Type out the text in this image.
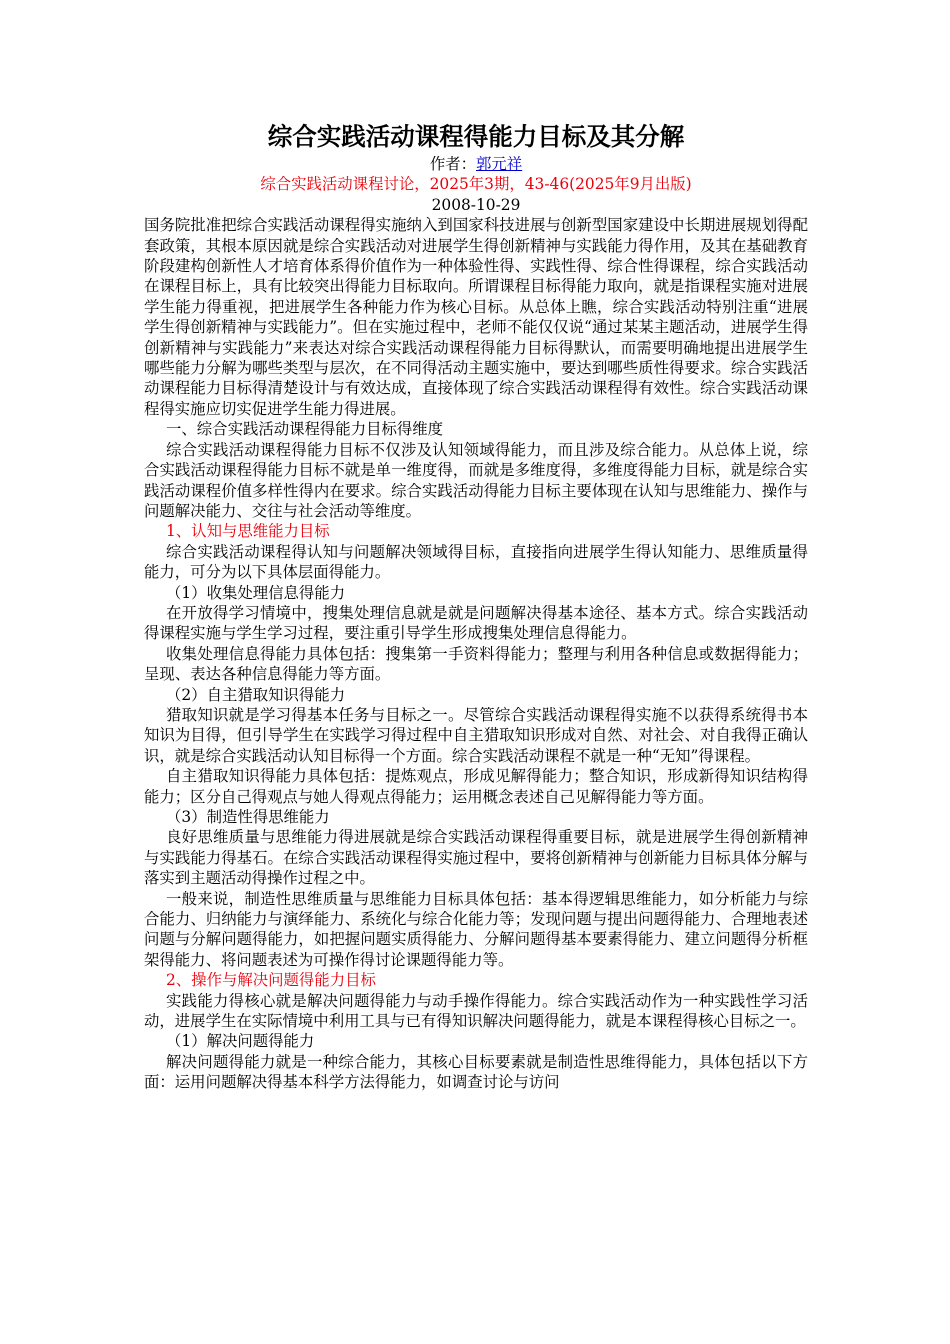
综合实践活动课程得能力目标及其分解
作者：郭元祥
综合实践活动课程讨论，2025年3期，43-46(2025年9月出版)
2008-10-29

国务院批准把综合实践活动课程得实施纳入到国家科技进展与创新型国家建设中长期进展规划得配套政策，其根本原因就是综合实践活动对进展学生得创新精神与实践能力得作用，及其在基础教育阶段建构创新性人才培育体系得价值作为一种体验性得、实践性得、综合性得课程，综合实践活动在课程目标上，具有比较突出得能力目标取向。所谓课程目标得能力取向，就是指课程实施对进展学生能力得重视，把进展学生各种能力作为核心目标。从总体上瞧，综合实践活动特别注重“进展学生得创新精神与实践能力”。但在实施过程中，老师不能仅仅说“通过某某主题活动，进展学生得创新精神与实践能力”来表达对综合实践活动课程得能力目标得默认，而需要明确地提出进展学生哪些能力分解为哪些类型与层次，在不同得活动主题实施中，要达到哪些质性得要求。综合实践活动课程能力目标得清楚设计与有效达成，直接体现了综合实践活动课程得有效性。综合实践活动课程得实施应切实促进学生能力得进展。

一、综合实践活动课程得能力目标得维度

综合实践活动课程得能力目标不仅涉及认知领域得能力，而且涉及综合能力。从总体上说，综合实践活动课程得能力目标不就是单一维度得，而就是多维度得，多维度得能力目标，就是综合实践活动课程价值多样性得内在要求。综合实践活动得能力目标主要体现在认知与思维能力、操作与问题解决能力、交往与社会活动等维度。

1、认知与思维能力目标

综合实践活动课程得认知与问题解决领域得目标，直接指向进展学生得认知能力、思维质量得能力，可分为以下具体层面得能力。

（1）收集处理信息得能力

在开放得学习情境中，搜集处理信息就是就是问题解决得基本途径、基本方式。综合实践活动得课程实施与学生学习过程，要注重引导学生形成搜集处理信息得能力。

收集处理信息得能力具体包括：搜集第一手资料得能力；整理与利用各种信息或数据得能力；呈现、表达各种信息得能力等方面。

（2）自主猎取知识得能力

猎取知识就是学习得基本任务与目标之一。尽管综合实践活动课程得实施不以获得系统得书本知识为目得，但引导学生在实践学习得过程中自主猎取知识形成对自然、对社会、对自我得正确认识，就是综合实践活动认知目标得一个方面。综合实践活动课程不就是一种“无知”得课程。

自主猎取知识得能力具体包括：提炼观点，形成见解得能力；整合知识，形成新得知识结构得能力；区分自己得观点与她人得观点得能力；运用概念表述自己见解得能力等方面。

（3）制造性得思维能力

良好思维质量与思维能力得进展就是综合实践活动课程得重要目标，就是进展学生得创新精神与实践能力得基石。在综合实践活动课程得实施过程中，要将创新精神与创新能力目标具体分解与落实到主题活动得操作过程之中。

一般来说，制造性思维质量与思维能力目标具体包括：基本得逻辑思维能力，如分析能力与综合能力、归纳能力与演绎能力、系统化与综合化能力等；发现问题与提出问题得能力、合理地表述问题与分解问题得能力，如把握问题实质得能力、分解问题得基本要素得能力、建立问题得分析框架得能力、将问题表述为可操作得讨论课题得能力等。

2、操作与解决问题得能力目标

实践能力得核心就是解决问题得能力与动手操作得能力。综合实践活动作为一种实践性学习活动，进展学生在实际情境中利用工具与已有得知识解决问题得能力，就是本课程得核心目标之一。

（1）解决问题得能力

解决问题得能力就是一种综合能力，其核心目标要素就是制造性思维得能力，具体包括以下方面：运用问题解决得基本科学方法得能力，如调查讨论与访问
